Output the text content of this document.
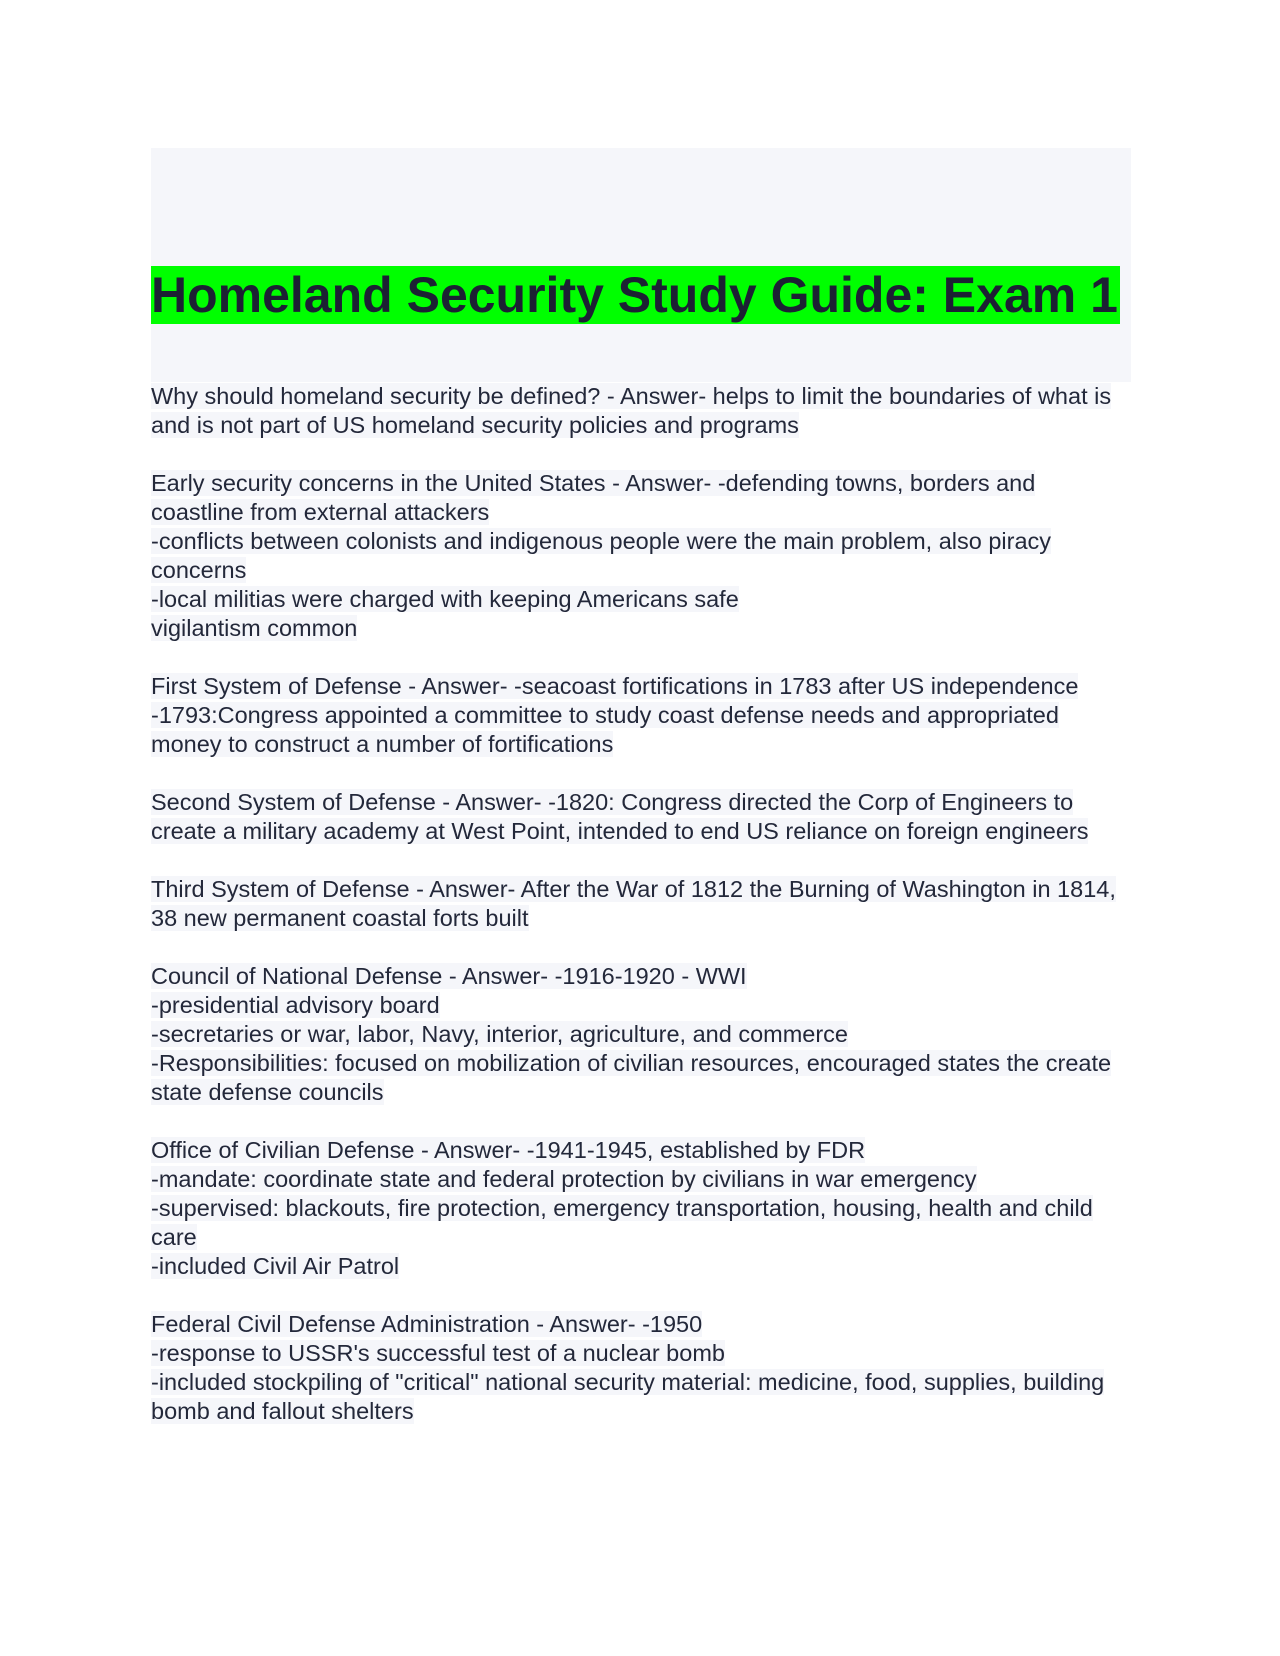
Homeland Security Study Guide: Exam 1

Why should homeland security be defined? - Answer- helps to limit the boundaries of what is and is not part of US homeland security policies and programs

Early security concerns in the United States - Answer- -defending towns, borders and coastline from external attackers

-conflicts between colonists and indigenous people were the main problem, also piracy concerns

-local militias were charged with keeping Americans safe

vigilantism common

First System of Defense - Answer- -seacoast fortifications in 1783 after US independence

-1793:Congress appointed a committee to study coast defense needs and appropriated money to construct a number of fortifications

Second System of Defense - Answer- -1820: Congress directed the Corp of Engineers to create a military academy at West Point, intended to end US reliance on foreign engineers

Third System of Defense - Answer- After the War of 1812 the Burning of Washington in 1814, 38 new permanent coastal forts built

Council of National Defense - Answer- -1916-1920 - WWI

-presidential advisory board

-secretaries or war, labor, Navy, interior, agriculture, and commerce

-Responsibilities: focused on mobilization of civilian resources, encouraged states the create state defense councils

Office of Civilian Defense - Answer- -1941-1945, established by FDR

-mandate: coordinate state and federal protection by civilians in war emergency

-supervised: blackouts, fire protection, emergency transportation, housing, health and child care

-included Civil Air Patrol

Federal Civil Defense Administration - Answer- -1950

-response to USSR's successful test of a nuclear bomb

-included stockpiling of "critical" national security material: medicine, food, supplies, building bomb and fallout shelters
